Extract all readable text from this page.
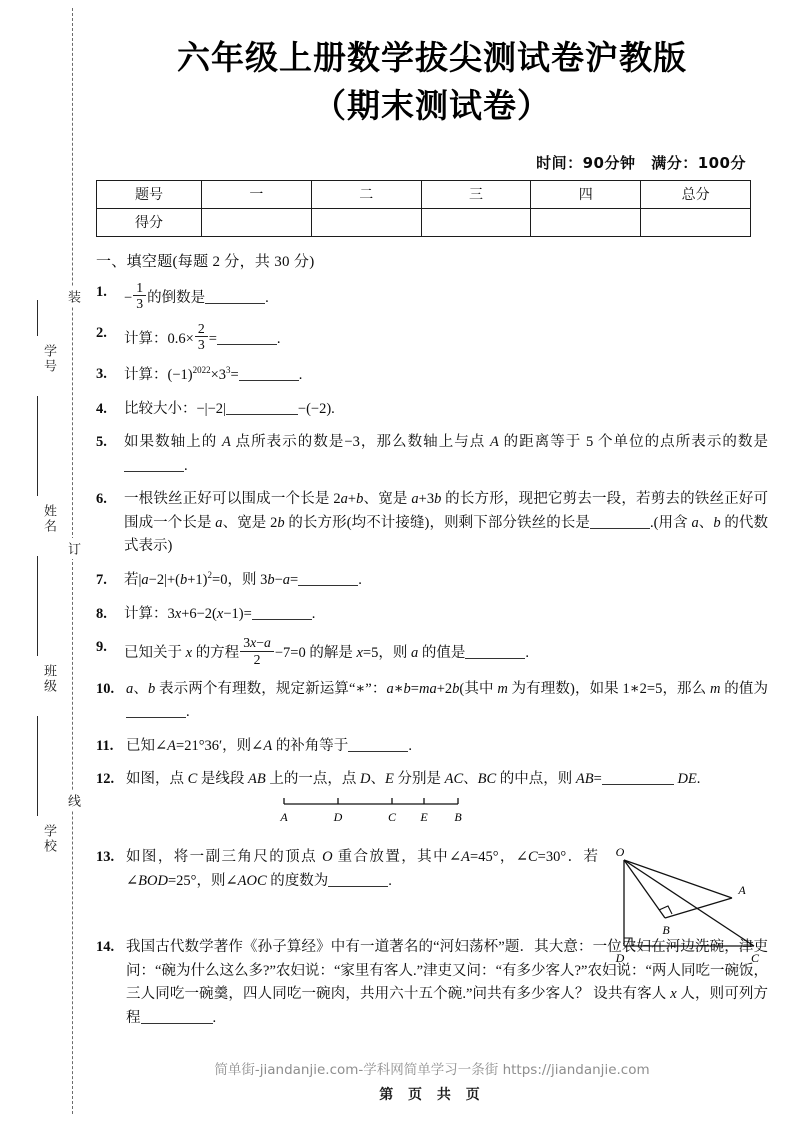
学号
姓名
班级
学校
装
订
线
六年级上册数学拔尖测试卷沪教版
（期末测试卷）
时间：90分钟 满分：100分
题号	一	二	三	四	总分
得分					
一、填空题(每题 2 分，共 30 分)
1. − $\frac{1}{3}$ 的倒数是	.
2. 计算：$0.6\times \frac{2}{3}$ =	.
3. 计算：$(-1)^{2022}\times 3^3=$	.
4. 比较大小：−|−2|	−(−2).
5. 如果数轴上的 A 点所表示的数是−3，那么数轴上与点 A 的距离等于 5 个单位的点所表示的数是.
6. 一根铁丝正好可以围成一个长是 2a+b、宽是 a+3b 的长方形，现把它剪去一段，若剪去的铁丝正好可围成一个长是 a、宽是 2b 的长方形(均不计接缝)，则剩下部分铁丝的长是	.(用含 a、b 的代数式表示)
7. 若$|a-2|+(b+1)^2=0$，则 3b−a=	.
8. 计算：3x+6−2(x−1)=	.
9. 已知关于 x 的方程 $\frac{3x-a}{2} -7=0$ 的解是 x=5，则 a 的值是	.
10. a、b 表示两个有理数，规定新运算“∗”：a∗b=ma+2b(其中 m 为有理数)，如果 1∗2=5，那么 m 的值为.
11. 已知∠A=21°36′，则∠A 的补角等于	.
12. 如图，点 C 是线段 AB 上的一点，点 D、E 分别是 AC、BC 的中点，则 AB=	DE.
A	D	C E B
13. 如图，将一副三角尺的顶点 O 重合放置，其中∠A=45°，∠C=30°．若∠BOD=25°，则∠AOC 的度数为	.
O
A
B
C
D
14. 我国古代数学著作《孙子算经》中有一道著名的“河妇荡杯”题．其大意：一位农妇在河边洗碗，津吏问：“碗为什么这么多?”农妇说：“家里有客人.”津吏又问：“有多少客人?”农妇说：“两人同吃一碗饭，三人同吃一碗羹，四人同吃一碗肉，共用六十五个碗.”问共有多少客人？ 设共有客人 x 人，则可列方程	.
简单街-jiandanjie.com-学科网简单学习一条街 https://jiandanjie.com
第 页 共 页
